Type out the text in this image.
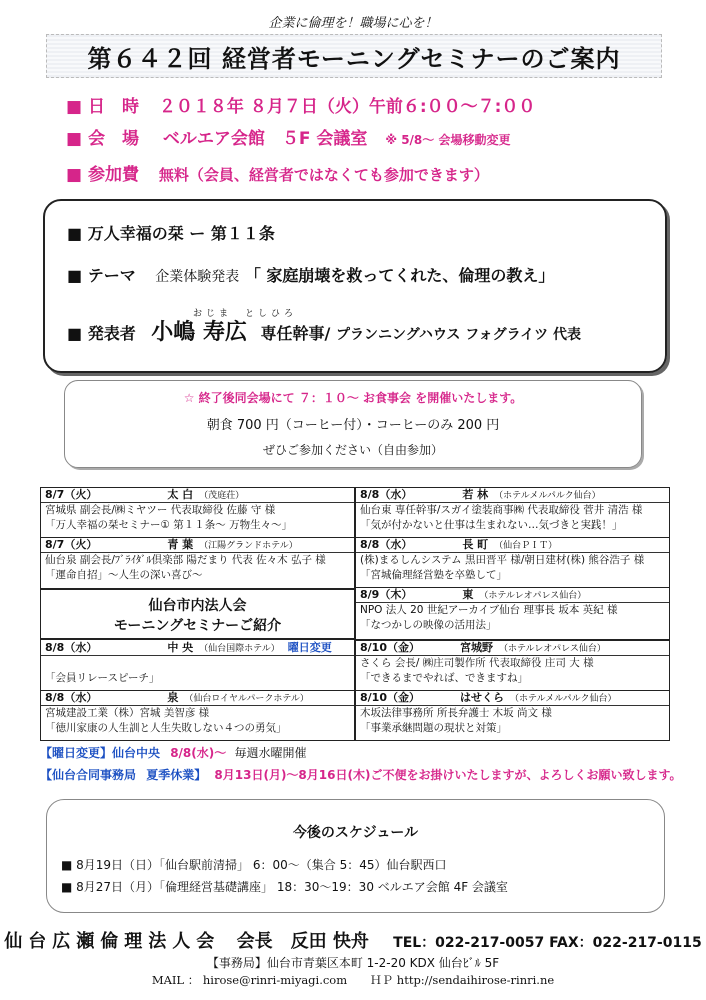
企業に倫理を！職場に心を！
第６４２回 経営者モーニングセミナーのご案内
■ 日　時 ２０１８年 ８月７日（火）午前６:００～７:００
■ 会　場 ベルエア会館　５F 会議室 ※ 5/8～ 会場移動変更
■ 参加費 無料（会員、経営者ではなくても参加できます）
■ 万人幸福の栞 ー 第１１条
■ テーマ 企業体験発表 「 家庭崩壊を救ってくれた、倫理の教え」
おじま　としひろ
■ 発表者 小嶋 寿広 専任幹事/ プランニングハウス フォグライツ 代表
☆ 終了後同会場にて ７：１０～ お食事会 を開催いたします。
朝食 700 円（コーヒー付）・コーヒーのみ 200 円
ぜひご参加ください（自由参加）
8/7（火）	太 白 （茂庭荘）
宮城県 副会長/㈱ミヤツー 代表取締役 佐藤 守 様
「万人幸福の栞セミナー① 第１１条～ 万物生々～」
8/7（火）	青 葉 （江陽グランドホテル）
仙台泉 副会長/ﾌﾞﾗｲﾀﾞﾙ倶楽部 陽だまり 代表 佐々木 弘子 様
「運命自招」～人生の深い喜び～
仙台市内法人会
モーニングセミナーご紹介
8/8（水）	中 央 （仙台国際ホテル） 曜日変更
「会員リレースピーチ」
8/8（水）	泉 （仙台ロイヤルパークホテル）
宮城建設工業（株）宮城 美智彦 様
「徳川家康の人生訓と人生失敗しない４つの勇気」
8/8（水）	若 林 （ホテルメルパルク仙台）
仙台東 専任幹事/スガイ塗装商事㈱ 代表取締役 菅井 清浩 様
「気が付かないと仕事は生まれない…気づきと実践！」
8/8（水）	長 町 （仙台ＰＩＴ）
(株)まるしんシステム 黒田晋平 様/朝日建材(株) 熊谷浩子 様
「宮城倫理経営塾を卒塾して」
8/9（木）	東 （ホテルレオパレス仙台）
NPO 法人 20 世紀アーカイブ仙台 理事長 坂本 英紀 様
「なつかしの映像の活用法」
8/10（金）	宮城野 （ホテルレオパレス仙台）
さくら 会長/ ㈱庄司製作所 代表取締役 庄司 大 様
「できるまでやれば、できますね」
8/10（金）	はせくら （ホテルメルパルク仙台）
木坂法律事務所 所長弁護士 木坂 尚文 様
「事業承継問題の現状と対策」
【曜日変更】仙台中央 8/8(水)～ 毎週水曜開催
【仙台合同事務局 夏季休業】 8月13日(月)～8月16日(木)ご不便をお掛けいたしますが、よろしくお願い致します。
今後のスケジュール
■ 8月19日（日）「仙台駅前清掃」 6：00～（集合 5：45）仙台駅西口
■ 8月27日（月）「倫理経営基礎講座」 18：30～19：30 ベルエア会館 4F 会議室
仙台広瀬倫理法人会 会長　反田 快舟 TEL：022-217-0057 FAX：022-217-0115
【事務局】仙台市青葉区本町 1-2-20 KDX 仙台ﾋﾞﾙ 5F
MAIL ： hirose@rinri-miyagi.com　　ＨＰ http://sendaihirose-rinri.ne
